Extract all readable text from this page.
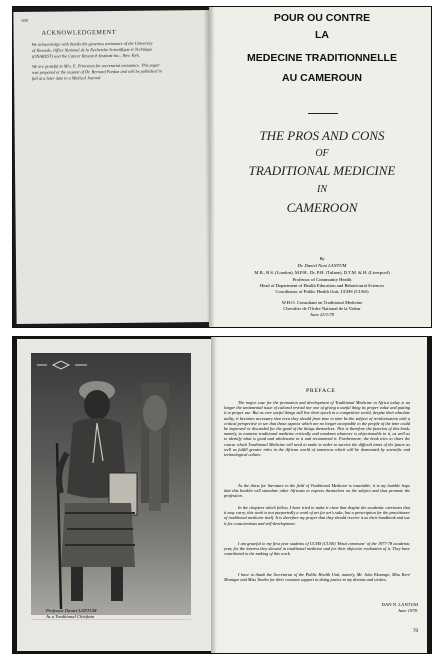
000
ACKNOWLEDGEMENT
We acknowledge with thanks the generous assistance of the University
of Yaounde, Office National de la Recherche Scientifique et Technique
(ONAREST) and the Cancer Research Institute Inc., New York.
We are grateful to Mrs. E. Princeton for secretarial assistance. This paper
was prepared at the request of Dr. Bernard Pordon and will be published in
full at a later date in a Medical Journal.
POUR OU CONTRE
LA
MEDECINE TRADITIONNELLE
AU CAMEROUN
THE PROS AND CONS
OF
TRADITIONAL MEDICINE
IN
CAMEROON
By
Dr. Daniel Noni LANTUM
M.B., B.S. (London), M.P.H., Dr. P.H. (Tulane), D.T.M. & H. (Liverpool)
Professor of Community Health
Head of Department of Health Education and Behavioural Sciences
Coordinator of Public Health Unit, UCHS (CUSS)
W.H.O. Consultant on Traditional Medicine
Chevalier de l'Ordre National de la Valeur
June 23/1/78
Professor Daniel LANTUM
As a Traditional Chieftain
PREFACE
The major case for the promotion and development of Traditional Medicine in Africa today is no longer the sentimental issue of cultural revival nor one of giving a useful thing its proper value and putting it to proper use. But as ever useful things still live their epoch in a competitive world, despite their absolute utility, it becomes necessary that even they should from time to time be the subject of revalorisation with a critical perspective to see that those aspects which are no longer acceptable to the people of the time could be improved or discarded for the good of the things themselves. This is therefore the function of this book, namely, to examine traditional medicine critically and condemn whatever is objectionable in it, as well as to identify what is good and wholesome in it and recommend it. Furthermore, the book tries to chart the course which Traditional Medicine will need to make in order to survive the difficult times of the future as well as fulfill greater roles in the African world of tomorrow which will be dominated by scientific and technological culture.
As the thirst for literature in the field of Traditional Medicine is insatiable, it is my humble hope that this booklet will stimulate other Africans to express themselves on the subject and thus promote the profession.
In the chapters which follow, I have tried to make it clear that despite the academic overtones that it may carry, this work is not purportedly a work of art for art's sake, but a prescription for the practitioner of traditional medicine itself. It is therefore my prayer that they should receive it as their handbook and use it for conscientious and self-development.
I am grateful to my first year students of UCHS (CUSS) 'Hosti commune' of the 1977-78 academic year, for the interest they showed in traditional medicine and for their objective evaluation of it. They have contributed to the making of this work.
I have to thank the Secretariat of the Public Health Unit, namely, Mr. John Ekaongo, Miss Keré Monique and Miss Tonibo for their constant support in doing justice to my dreams and wishes.
DAN N. LANTUM
June 1978.
70
